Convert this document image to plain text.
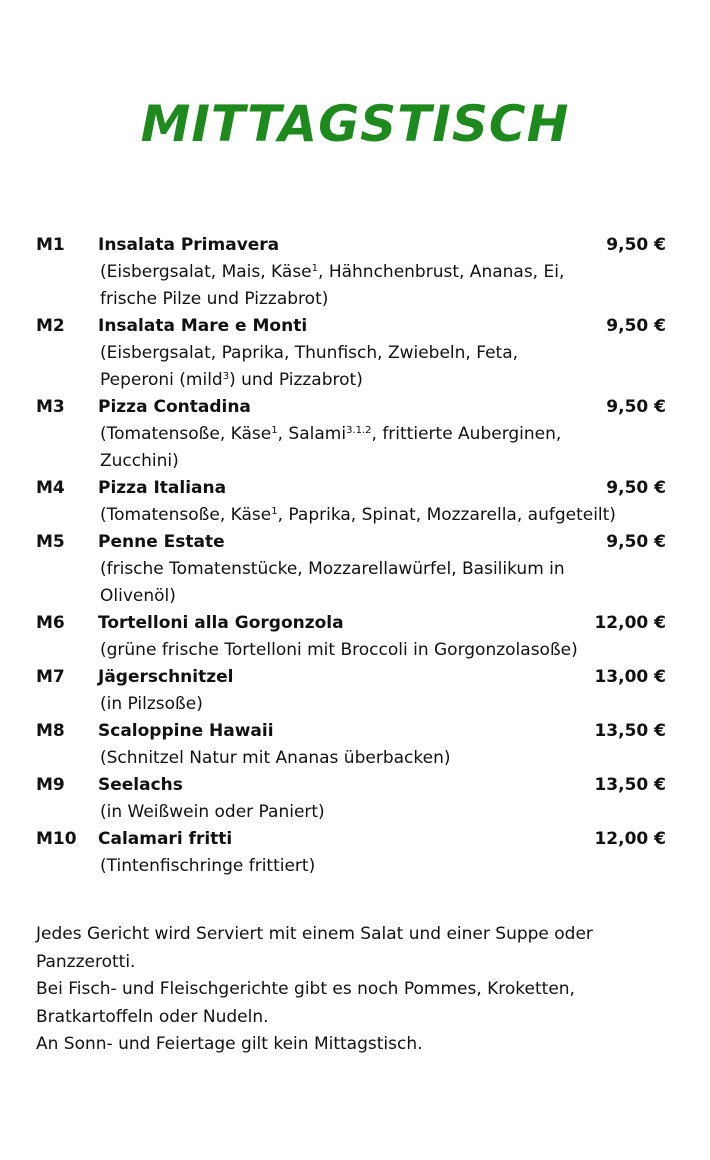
MITTAGSTISCH
M1 Insalata Primavera	9,50 €
(Eisbergsalat, Mais, Käse$^1$, Hähnchenbrust, Ananas, Ei,
frische Pilze und Pizzabrot)
M2 Insalata Mare e Monti	9,50 €
(Eisbergsalat, Paprika, Thunfisch, Zwiebeln, Feta,
Peperoni (mild$^3$) und Pizzabrot)
M3 Pizza Contadina	9,50 €
(Tomatensoße, Käse$^1$, Salami$^{3.1.2}$, frittierte Auberginen,
Zucchini)
M4 Pizza Italiana	9,50 €
(Tomatensoße, Käse$^1$, Paprika, Spinat, Mozzarella, aufgeteilt)
M5 Penne Estate	9,50 €
(frische Tomatenstücke, Mozzarellawürfel, Basilikum in
Olivenöl)
M6 Tortelloni alla Gorgonzola	12,00 €
(grüne frische Tortelloni mit Broccoli in Gorgonzolasoße)
M7 Jägerschnitzel	13,00 €
(in Pilzsoße)
M8 Scaloppine Hawaii	13,50 €
(Schnitzel Natur mit Ananas überbacken)
M9 Seelachs	13,50 €
(in Weißwein oder Paniert)
M10 Calamari fritti	12,00 €
(Tintenfischringe frittiert)

Jedes Gericht wird Serviert mit einem Salat und einer Suppe oder Panzzerotti.

Bei Fisch- und Fleischgerichte gibt es noch Pommes, Kroketten, Bratkartoffeln oder Nudeln.

An Sonn- und Feiertage gilt kein Mittagstisch.
